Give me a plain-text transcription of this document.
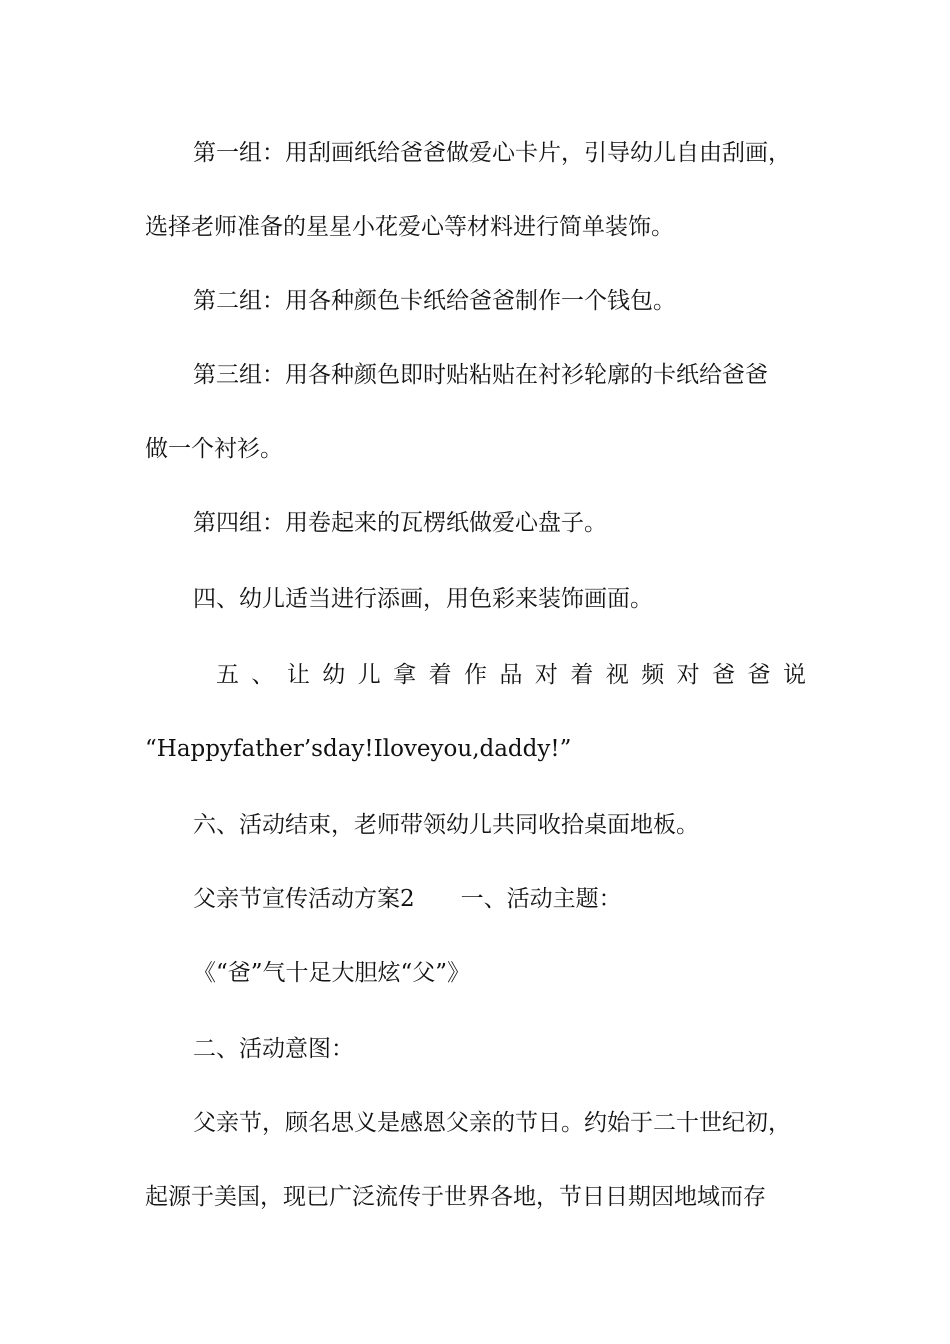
第一组：用刮画纸给爸爸做爱心卡片，引导幼儿自由刮画，
选择老师准备的星星小花爱心等材料进行简单装饰。
第二组：用各种颜色卡纸给爸爸制作一个钱包。
第三组：用各种颜色即时贴粘贴在衬衫轮廓的卡纸给爸爸
做一个衬衫。
第四组：用卷起来的瓦楞纸做爱心盘子。
四、幼儿适当进行添画，用色彩来装饰画面。
五 、 让 幼 儿 拿 着 作 品 对 着 视 频 对 爸 爸 说
“Happyfather’sday!Iloveyou,daddy!”
六、活动结束，老师带领幼儿共同收拾桌面地板。
父亲节宣传活动方案2 一、活动主题：
《“爸”气十足大胆炫“父”》
二、活动意图：
父亲节，顾名思义是感恩父亲的节日。约始于二十世纪初，
起源于美国，现已广泛流传于世界各地，节日日期因地域而存
